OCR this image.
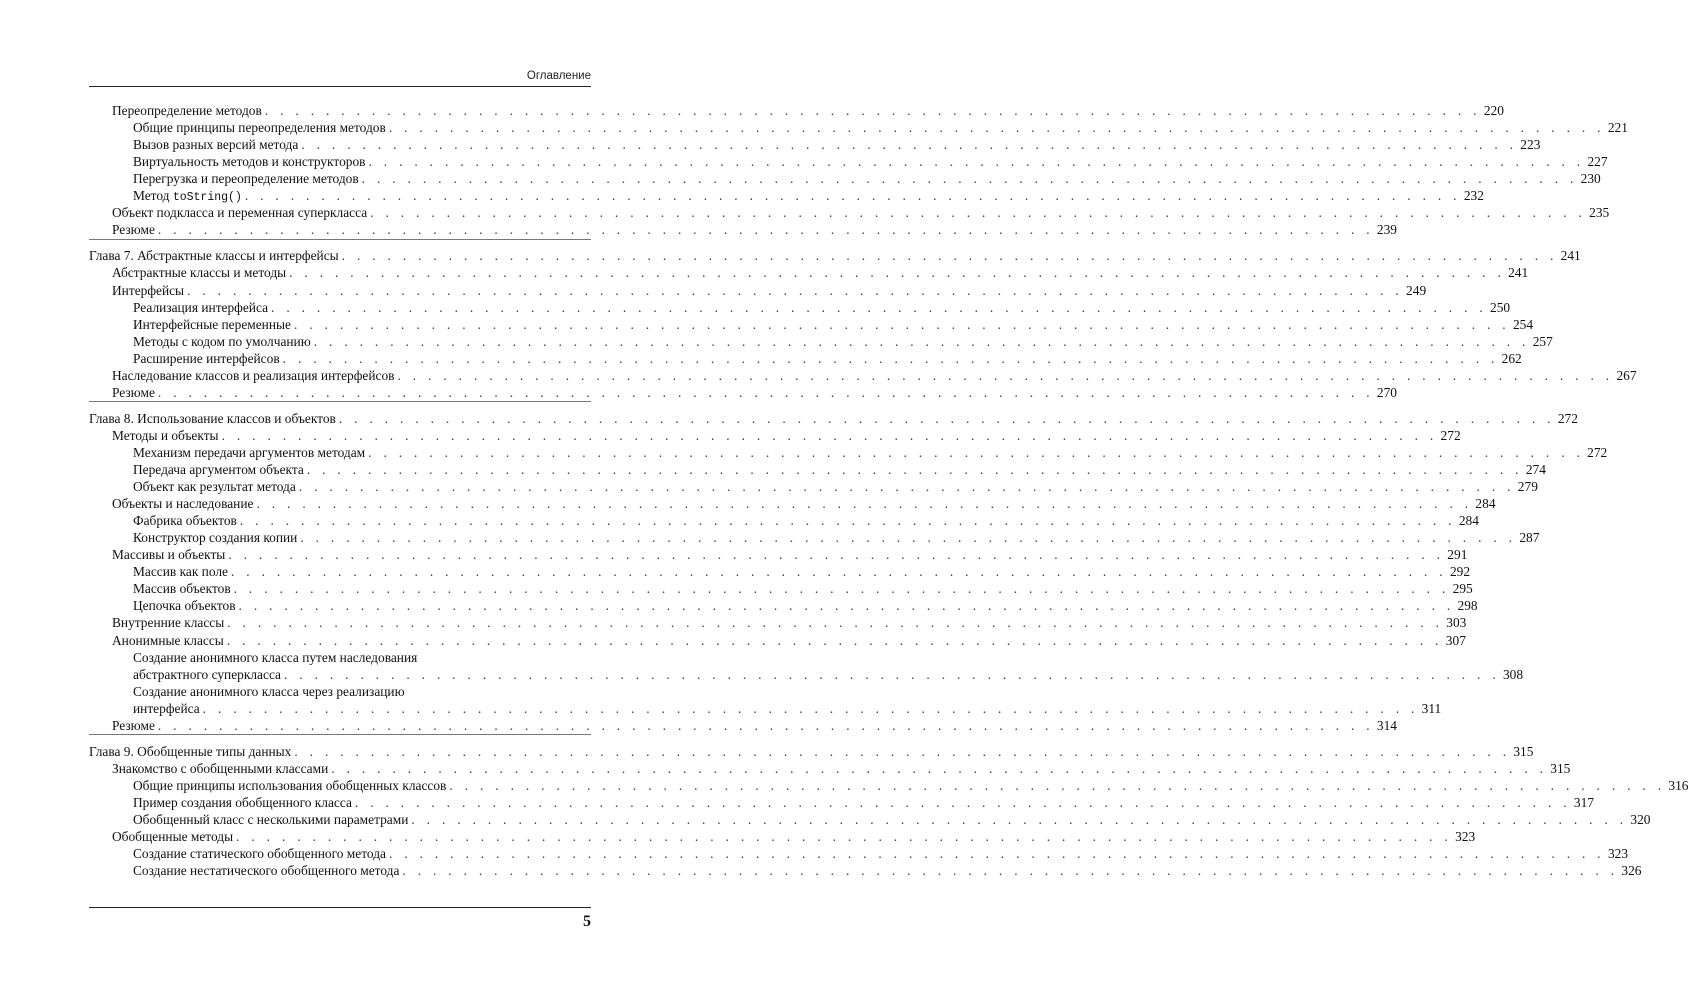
Оглавление
Переопределение методов . . . . . . . . . . . . . . . . . . . . . . . . . . . . . . . . . . . . . . . . . . . . . . . . . . . . . . . . . . . . . . . . . . . . . . . . . . . . . . . . 220
Общие принципы переопределения методов . . . . . . . . . . . . . . . . . . . . . . . . . . . . . . . . . . . . . . . . . . . . . . . . . . . . . . . . . . . . . . . . . . . . . . . . . . . . . . . . 221
Вызов разных версий метода . . . . . . . . . . . . . . . . . . . . . . . . . . . . . . . . . . . . . . . . . . . . . . . . . . . . . . . . . . . . . . . . . . . . . . . . . . . . . . . . 223
Виртуальность методов и конструкторов . . . . . . . . . . . . . . . . . . . . . . . . . . . . . . . . . . . . . . . . . . . . . . . . . . . . . . . . . . . . . . . . . . . . . . . . . . . . . . . . 227
Перегрузка и переопределение методов . . . . . . . . . . . . . . . . . . . . . . . . . . . . . . . . . . . . . . . . . . . . . . . . . . . . . . . . . . . . . . . . . . . . . . . . . . . . . . . . 230
Метод toString() . . . . . . . . . . . . . . . . . . . . . . . . . . . . . . . . . . . . . . . . . . . . . . . . . . . . . . . . . . . . . . . . . . . . . . . . . . . . . . . . 232
Объект подкласса и переменная суперкласса . . . . . . . . . . . . . . . . . . . . . . . . . . . . . . . . . . . . . . . . . . . . . . . . . . . . . . . . . . . . . . . . . . . . . . . . . . . . . . . . 235
Резюме . . . . . . . . . . . . . . . . . . . . . . . . . . . . . . . . . . . . . . . . . . . . . . . . . . . . . . . . . . . . . . . . . . . . . . . . . . . . . . . . 239
Глава 7. Абстрактные классы и интерфейсы . . . . . . . . . . . . . . . . . . . . . . . . . . . . . . . . . . . . . . . . . . . . . . . . . . . . . . . . . . . . . . . . . . . . . . . . . . . . . . . . 241
Абстрактные классы и методы . . . . . . . . . . . . . . . . . . . . . . . . . . . . . . . . . . . . . . . . . . . . . . . . . . . . . . . . . . . . . . . . . . . . . . . . . . . . . . . . 241
Интерфейсы . . . . . . . . . . . . . . . . . . . . . . . . . . . . . . . . . . . . . . . . . . . . . . . . . . . . . . . . . . . . . . . . . . . . . . . . . . . . . . . . 249
Реализация интерфейса . . . . . . . . . . . . . . . . . . . . . . . . . . . . . . . . . . . . . . . . . . . . . . . . . . . . . . . . . . . . . . . . . . . . . . . . . . . . . . . . 250
Интерфейсные переменные . . . . . . . . . . . . . . . . . . . . . . . . . . . . . . . . . . . . . . . . . . . . . . . . . . . . . . . . . . . . . . . . . . . . . . . . . . . . . . . . 254
Методы с кодом по умолчанию . . . . . . . . . . . . . . . . . . . . . . . . . . . . . . . . . . . . . . . . . . . . . . . . . . . . . . . . . . . . . . . . . . . . . . . . . . . . . . . . 257
Расширение интерфейсов . . . . . . . . . . . . . . . . . . . . . . . . . . . . . . . . . . . . . . . . . . . . . . . . . . . . . . . . . . . . . . . . . . . . . . . . . . . . . . . . 262
Наследование классов и реализация интерфейсов . . . . . . . . . . . . . . . . . . . . . . . . . . . . . . . . . . . . . . . . . . . . . . . . . . . . . . . . . . . . . . . . . . . . . . . . . . . . . . . . 267
Резюме . . . . . . . . . . . . . . . . . . . . . . . . . . . . . . . . . . . . . . . . . . . . . . . . . . . . . . . . . . . . . . . . . . . . . . . . . . . . . . . . 270
Глава 8. Использование классов и объектов . . . . . . . . . . . . . . . . . . . . . . . . . . . . . . . . . . . . . . . . . . . . . . . . . . . . . . . . . . . . . . . . . . . . . . . . . . . . . . . . 272
Методы и объекты . . . . . . . . . . . . . . . . . . . . . . . . . . . . . . . . . . . . . . . . . . . . . . . . . . . . . . . . . . . . . . . . . . . . . . . . . . . . . . . . 272
Механизм передачи аргументов методам . . . . . . . . . . . . . . . . . . . . . . . . . . . . . . . . . . . . . . . . . . . . . . . . . . . . . . . . . . . . . . . . . . . . . . . . . . . . . . . . 272
Передача аргументом объекта . . . . . . . . . . . . . . . . . . . . . . . . . . . . . . . . . . . . . . . . . . . . . . . . . . . . . . . . . . . . . . . . . . . . . . . . . . . . . . . . 274
Объект как результат метода . . . . . . . . . . . . . . . . . . . . . . . . . . . . . . . . . . . . . . . . . . . . . . . . . . . . . . . . . . . . . . . . . . . . . . . . . . . . . . . . 279
Объекты и наследование . . . . . . . . . . . . . . . . . . . . . . . . . . . . . . . . . . . . . . . . . . . . . . . . . . . . . . . . . . . . . . . . . . . . . . . . . . . . . . . . 284
Фабрика объектов . . . . . . . . . . . . . . . . . . . . . . . . . . . . . . . . . . . . . . . . . . . . . . . . . . . . . . . . . . . . . . . . . . . . . . . . . . . . . . . . 284
Конструктор создания копии . . . . . . . . . . . . . . . . . . . . . . . . . . . . . . . . . . . . . . . . . . . . . . . . . . . . . . . . . . . . . . . . . . . . . . . . . . . . . . . . 287
Массивы и объекты . . . . . . . . . . . . . . . . . . . . . . . . . . . . . . . . . . . . . . . . . . . . . . . . . . . . . . . . . . . . . . . . . . . . . . . . . . . . . . . . 291
Массив как поле . . . . . . . . . . . . . . . . . . . . . . . . . . . . . . . . . . . . . . . . . . . . . . . . . . . . . . . . . . . . . . . . . . . . . . . . . . . . . . . . 292
Массив объектов . . . . . . . . . . . . . . . . . . . . . . . . . . . . . . . . . . . . . . . . . . . . . . . . . . . . . . . . . . . . . . . . . . . . . . . . . . . . . . . . 295
Цепочка объектов . . . . . . . . . . . . . . . . . . . . . . . . . . . . . . . . . . . . . . . . . . . . . . . . . . . . . . . . . . . . . . . . . . . . . . . . . . . . . . . . 298
Внутренние классы . . . . . . . . . . . . . . . . . . . . . . . . . . . . . . . . . . . . . . . . . . . . . . . . . . . . . . . . . . . . . . . . . . . . . . . . . . . . . . . . 303
Анонимные классы . . . . . . . . . . . . . . . . . . . . . . . . . . . . . . . . . . . . . . . . . . . . . . . . . . . . . . . . . . . . . . . . . . . . . . . . . . . . . . . . 307
Создание анонимного класса путем наследования
абстрактного суперкласса . . . . . . . . . . . . . . . . . . . . . . . . . . . . . . . . . . . . . . . . . . . . . . . . . . . . . . . . . . . . . . . . . . . . . . . . . . . . . . . . 308
Создание анонимного класса через реализацию
интерфейса . . . . . . . . . . . . . . . . . . . . . . . . . . . . . . . . . . . . . . . . . . . . . . . . . . . . . . . . . . . . . . . . . . . . . . . . . . . . . . . . 311
Резюме . . . . . . . . . . . . . . . . . . . . . . . . . . . . . . . . . . . . . . . . . . . . . . . . . . . . . . . . . . . . . . . . . . . . . . . . . . . . . . . . 314
Глава 9. Обобщенные типы данных . . . . . . . . . . . . . . . . . . . . . . . . . . . . . . . . . . . . . . . . . . . . . . . . . . . . . . . . . . . . . . . . . . . . . . . . . . . . . . . . 315
Знакомство с обобщенными классами . . . . . . . . . . . . . . . . . . . . . . . . . . . . . . . . . . . . . . . . . . . . . . . . . . . . . . . . . . . . . . . . . . . . . . . . . . . . . . . . 315
Общие принципы использования обобщенных классов . . . . . . . . . . . . . . . . . . . . . . . . . . . . . . . . . . . . . . . . . . . . . . . . . . . . . . . . . . . . . . . . . . . . . . . . . . . . . . . . 316
Пример создания обобщенного класса . . . . . . . . . . . . . . . . . . . . . . . . . . . . . . . . . . . . . . . . . . . . . . . . . . . . . . . . . . . . . . . . . . . . . . . . . . . . . . . . 317
Обобщенный класс с несколькими параметрами . . . . . . . . . . . . . . . . . . . . . . . . . . . . . . . . . . . . . . . . . . . . . . . . . . . . . . . . . . . . . . . . . . . . . . . . . . . . . . . . 320
Обобщенные методы . . . . . . . . . . . . . . . . . . . . . . . . . . . . . . . . . . . . . . . . . . . . . . . . . . . . . . . . . . . . . . . . . . . . . . . . . . . . . . . . 323
Создание статического обобщенного метода . . . . . . . . . . . . . . . . . . . . . . . . . . . . . . . . . . . . . . . . . . . . . . . . . . . . . . . . . . . . . . . . . . . . . . . . . . . . . . . . 323
Создание нестатического обобщенного метода . . . . . . . . . . . . . . . . . . . . . . . . . . . . . . . . . . . . . . . . . . . . . . . . . . . . . . . . . . . . . . . . . . . . . . . . . . . . . . . . 326
5
